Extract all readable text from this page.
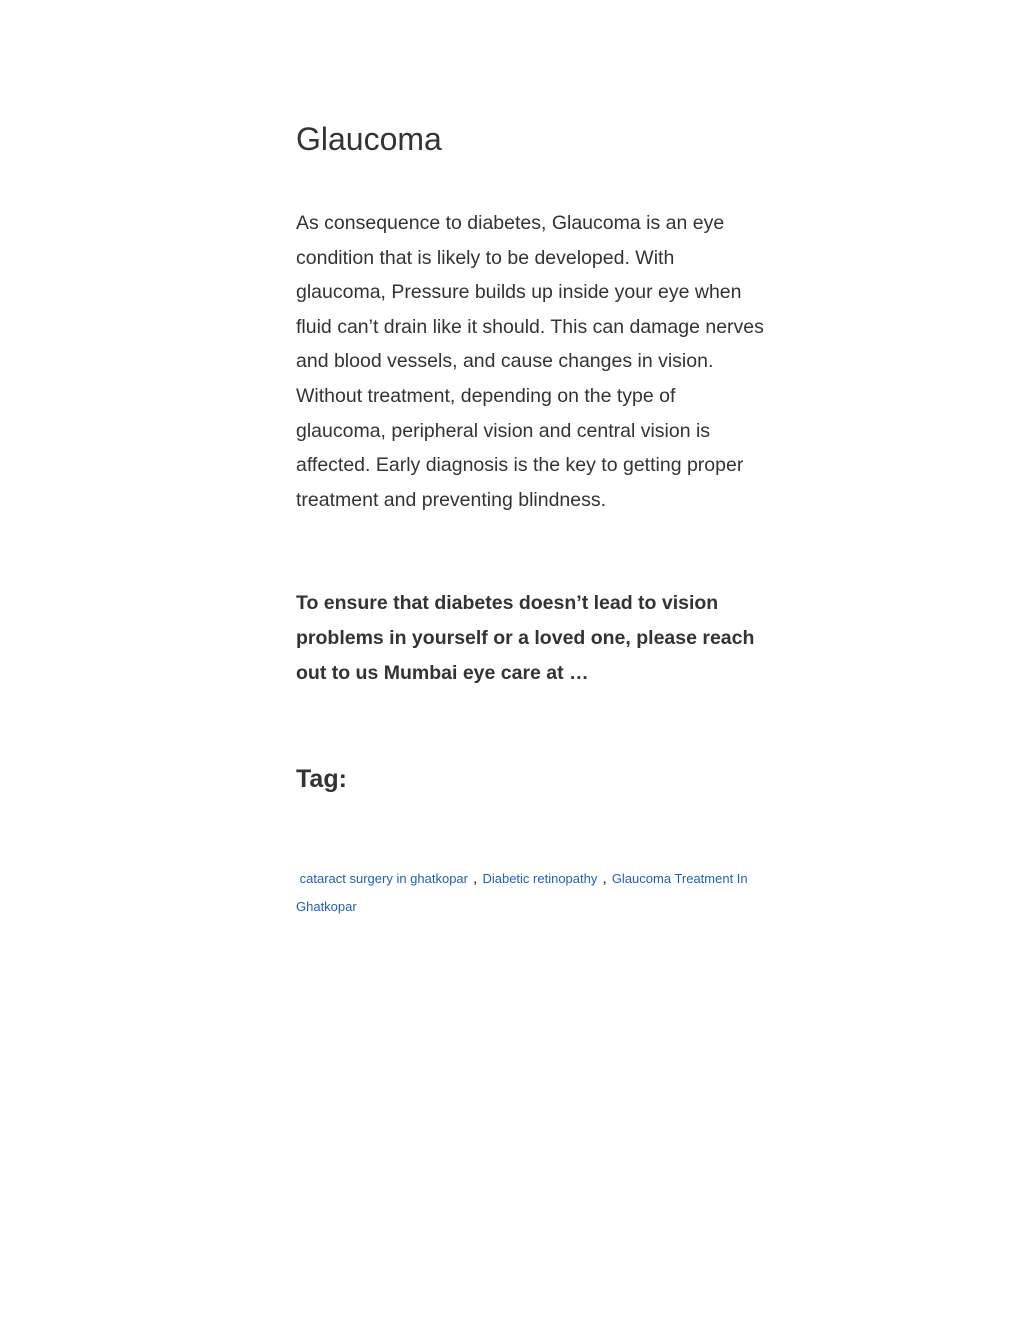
Glaucoma

As consequence to diabetes, Glaucoma is an eye condition that is likely to be developed. With glaucoma, Pressure builds up inside your eye when fluid can’t drain like it should. This can damage nerves and blood vessels, and cause changes in vision. Without treatment, depending on the type of glaucoma, peripheral vision and central vision is affected. Early diagnosis is the key to getting proper treatment and preventing blindness.

To ensure that diabetes doesn’t lead to vision problems in yourself or a loved one, please reach out to us Mumbai eye care at …

Tag:
cataract surgery in ghatkopar , Diabetic retinopathy , Glaucoma Treatment In Ghatkopar
